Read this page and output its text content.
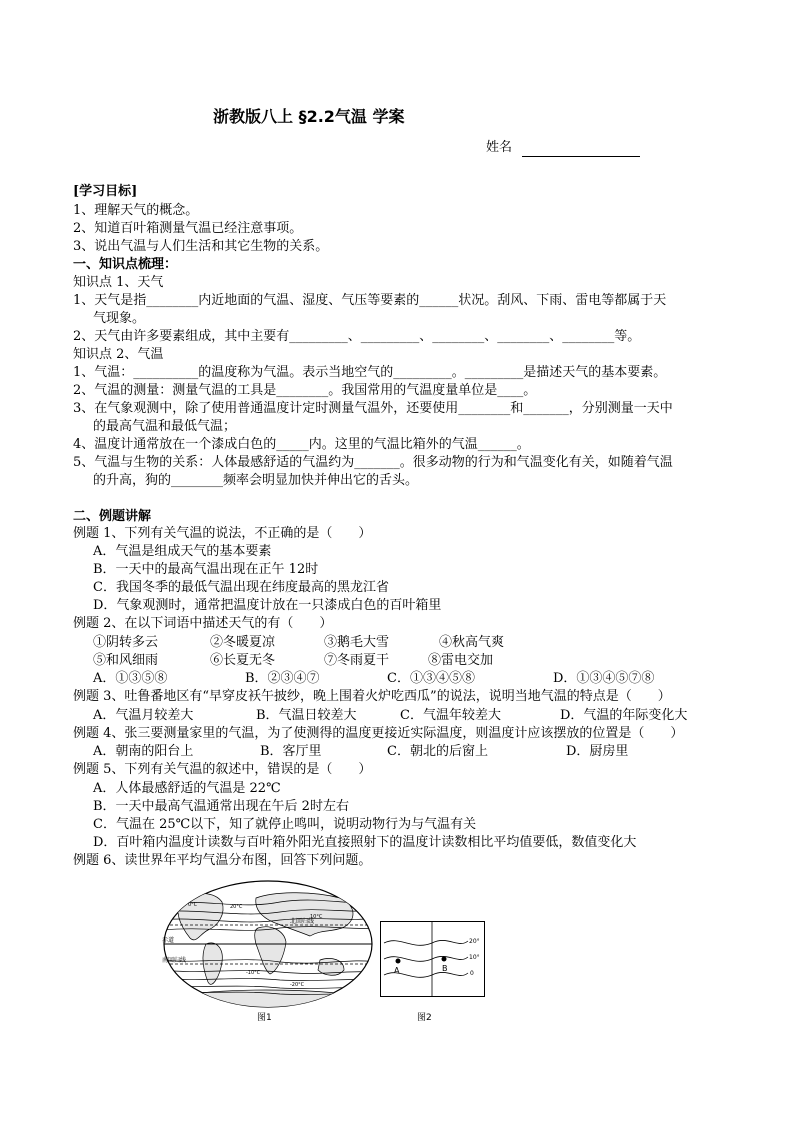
浙教版八上 §2.2气温 学案
姓名
[学习目标]
1、理解天气的概念。
2、知道百叶箱测量气温已经注意事项。
3、说出气温与人们生活和其它生物的关系。
一、知识点梳理：
知识点 1、天气
1、天气是指________内近地面的气温、湿度、气压等要素的______状况。刮风、下雨、雷电等都属于天
气现象。
2、天气由许多要素组成，其中主要有_________、_________、________、________、________等。
知识点 2、气温
1、气温：__________的温度称为气温。表示当地空气的_________。_________是描述天气的基本要素。
2、气温的测量：测量气温的工具是________。我国常用的气温度量单位是____。
3、在气象观测中，除了使用普通温度计定时测量气温外，还要使用________和_______，分别测量一天中
的最高气温和最低气温；
4、温度计通常放在一个漆成白色的_____内。这里的气温比箱外的气温______。
5、气温与生物的关系：人体最感舒适的气温约为_______。很多动物的行为和气温变化有关，如随着气温
的升高，狗的________频率会明显加快并伸出它的舌头。
二、例题讲解
例题 1、下列有关气温的说法，不正确的是（　　）
A．气温是组成天气的基本要素
B．一天中的最高气温出现在正午 12时
C．我国冬季的最低气温出现在纬度最高的黑龙江省
D．气象观测时，通常把温度计放在一只漆成白色的百叶箱里
例题 2、在以下词语中描述天气的有（　　）
①阴转多云	②冬暖夏凉	③鹅毛大雪	④秋高气爽
⑤和风细雨	⑥长夏无冬	⑦冬雨夏干	⑧雷电交加
A．①③⑤⑧	B．②③④⑦	C．①③④⑤⑧	D．①③④⑤⑦⑧
例题 3、吐鲁番地区有“早穿皮袄午披纱，晚上围着火炉吃西瓜”的说法，说明当地气温的特点是（　　）
A．气温月较差大	B．气温日较差大	C．气温年较差大	D．气温的年际变化大
例题 4、张三要测量家里的气温，为了使测得的温度更接近实际温度，则温度计应该摆放的位置是（　　）
A．朝南的阳台上	B．客厅里	C．朝北的后窗上	D．厨房里
例题 5、下列有关气温的叙述中，错误的是（　　）
A．人体最感舒适的气温是 22℃
B．一天中最高气温通常出现在午后 2时左右
C．气温在 25℃以下，知了就停止鸣叫，说明动物行为与气温有关
D．百叶箱内温度计读数与百叶箱外阳光直接照射下的温度计读数相比平均值要低，数值变化大
例题 6、读世界年平均气温分布图，回答下列问题。
北回归线
赤道
南回归线
20°C
10°C
0°C
-10°C
-20°C
图1
A	B
20°
10°
0
图2
